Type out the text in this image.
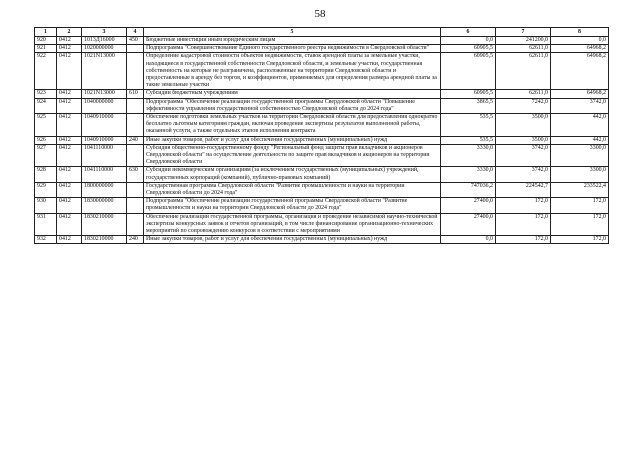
58
1	2	3	4	5	6	7	8
920	0412	1013Д16000	450	Бюджетные инвестиции иным юридическим лицам	0,0	241200,0	0,0
921	0412	1020000000		Подпрограмма "Совершенствование Единого государственного реестра недвижимости в Свердловской области"	60905,5	62611,0	64968,2
922	0412	1021N13000		Определение кадастровой стоимости объектов недвижимости, ставок арендной платы за земельные участки, находящиеся в государственной собственности Свердловской области, и земельные участки, государственная собственность на которые не разграничена, расположенные на территории Свердловской области и предоставленные в аренду без торгов, и коэффициентов, применяемых для определения размера арендной платы за такие земельные участки	60905,5	62611,0	64968,2
923	0412	1021N13000	610	Субсидии бюджетным учреждениям	60905,5	62611,0	64968,2
924	0412	1040000000		Подпрограмма "Обеспечение реализации государственной программы Свердловской области "Повышение эффективности управления государственной собственностью Свердловской области до 2024 года"	3865,5	7242,0	3742,0
925	0412	1040910000		Обеспечение подготовки земельных участков на территории Свердловской области для предоставления однократно бесплатно льготным категориям граждан, включая проведение экспертизы результатов выполненной работы, оказанной услуги, а также отдельных этапов исполнения контракта	535,5	3500,0	442,0
926	0412	1040910000	240	Иные закупки товаров, работ и услуг для обеспечения государственных (муниципальных) нужд	535,5	3500,0	442,0
927	0412	1041110000		Субсидия общественно-государственному фонду "Региональный фонд защиты прав вкладчиков и акционеров Свердловской области" на осуществление деятельности по защите прав вкладчиков и акционеров на территории Свердловской области	3330,0	3742,0	3300,0
928	0412	1041110000	630	Субсидии некоммерческим организациям (за исключением государственных (муниципальных) учреждений, государственных корпораций (компаний), публично-правовых компаний)	3330,0	3742,0	3300,0
929	0412	1800000000		Государственная программа Свердловской области "Развитие промышленности и науки на территории Свердловской области до 2024 года"	747036,2	224542,7	233522,4
930	0412	1830000000		Подпрограмма "Обеспечение реализации государственной программы Свердловской области "Развитие промышленности и науки на территории Свердловской области до 2024 года"	27400,0	172,0	172,0
931	0412	1830210000		Обеспечение реализации государственной программы, организация и проведение независимой научно-технической экспертизы конкурсных заявок и отчетов организаций, в том числе финансирование организационно-технических мероприятий по сопровождению конкурсов в соответствии с мероприятиями	27400,0	172,0	172,0
932	0412	1830210000	240	Иные закупки товаров, работ и услуг для обеспечения государственных (муниципальных) нужд	0,0	172,0	172,0
